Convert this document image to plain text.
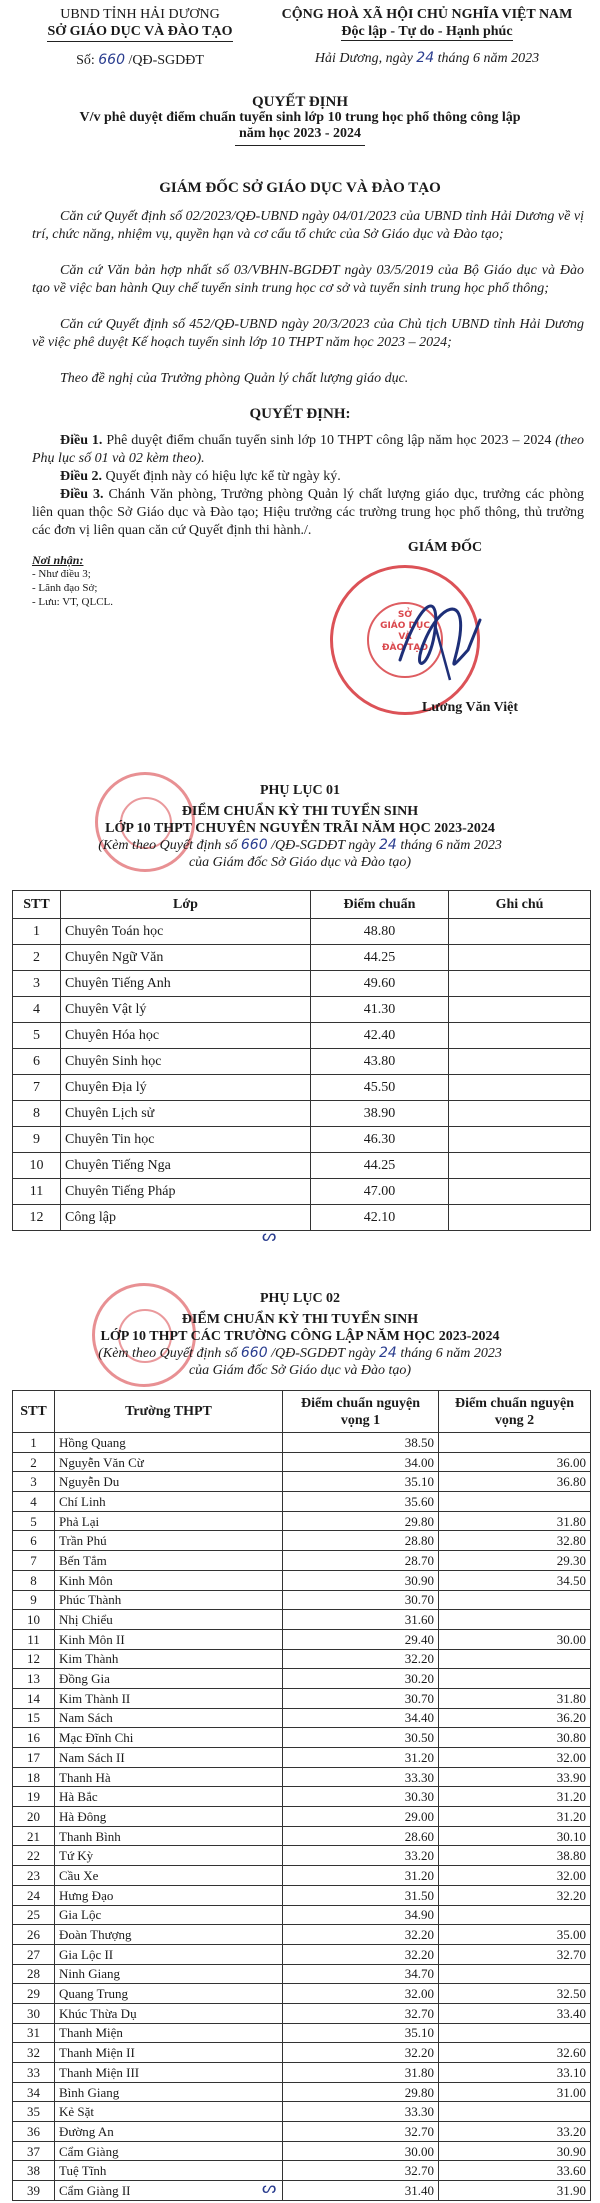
UBND TỈNH HẢI DƯƠNG
SỞ GIÁO DỤC VÀ ĐÀO TẠO
Số: 660 /QĐ-SGDĐT
CỘNG HOÀ XÃ HỘI CHỦ NGHĨA VIỆT NAM
Độc lập - Tự do - Hạnh phúc
Hải Dương, ngày 24 tháng 6 năm 2023
QUYẾT ĐỊNH
V/v phê duyệt điểm chuẩn tuyển sinh lớp 10 trung học phổ thông công lập
năm học 2023 - 2024
GIÁM ĐỐC SỞ GIÁO DỤC VÀ ĐÀO TẠO
Căn cứ Quyết định số 02/2023/QĐ-UBND ngày 04/01/2023 của UBND tỉnh Hải Dương về vị trí, chức năng, nhiệm vụ, quyền hạn và cơ cấu tổ chức của Sở Giáo dục và Đào tạo;
Căn cứ Văn bản hợp nhất số 03/VBHN-BGDĐT ngày 03/5/2019 của Bộ Giáo dục và Đào tạo về việc ban hành Quy chế tuyển sinh trung học cơ sở và tuyển sinh trung học phổ thông;
Căn cứ Quyết định số 452/QĐ-UBND ngày 20/3/2023 của Chủ tịch UBND tỉnh Hải Dương về việc phê duyệt Kế hoạch tuyển sinh lớp 10 THPT năm học 2023 – 2024;
Theo đề nghị của Trưởng phòng Quản lý chất lượng giáo dục.
QUYẾT ĐỊNH:
Điều 1. Phê duyệt điểm chuẩn tuyển sinh lớp 10 THPT công lập năm học 2023 – 2024 (theo Phụ lục số 01 và 02 kèm theo).
Điều 2. Quyết định này có hiệu lực kể từ ngày ký.
Điều 3. Chánh Văn phòng, Trưởng phòng Quản lý chất lượng giáo dục, trưởng các phòng liên quan thộc Sở Giáo dục và Đào tạo; Hiệu trưởng các trường trung học phổ thông, thủ trưởng các đơn vị liên quan căn cứ Quyết định thi hành./.
Nơi nhận:
- Như điều 3;
- Lãnh đạo Sở;
- Lưu: VT, QLCL.
GIÁM ĐỐC
SỞ
GIÁO DỤC
VÀ
ĐÀO TẠO
Lương Văn Việt
PHỤ LỤC 01
ĐIỂM CHUẨN KỲ THI TUYỂN SINH
LỚP 10 THPT CHUYÊN NGUYỄN TRÃI NĂM HỌC 2023-2024
(Kèm theo Quyết định số 660 /QĐ-SGDĐT ngày 24 tháng 6 năm 2023
của Giám đốc Sở Giáo dục và Đào tạo)
STT	Lớp	Điểm chuẩn	Ghi chú
1	Chuyên Toán học	48.80	
2	Chuyên Ngữ Văn	44.25	
3	Chuyên Tiếng Anh	49.60	
4	Chuyên Vật lý	41.30	
5	Chuyên Hóa học	42.40	
6	Chuyên Sinh học	43.80	
7	Chuyên Địa lý	45.50	
8	Chuyên Lịch sử	38.90	
9	Chuyên Tin học	46.30	
10	Chuyên Tiếng Nga	44.25	
11	Chuyên Tiếng Pháp	47.00	
12	Công lập	42.10	
ᔕ
PHỤ LỤC 02
ĐIỂM CHUẨN KỲ THI TUYỂN SINH
LỚP 10 THPT CÁC TRƯỜNG CÔNG LẬP NĂM HỌC 2023-2024
(Kèm theo Quyết định số 660 /QĐ-SGDĐT ngày 24 tháng 6 năm 2023
của Giám đốc Sở Giáo dục và Đào tạo)
STT	Trường THPT	Điểm chuẩn nguyện vọng 1	Điểm chuẩn nguyện vọng 2
1	Hồng Quang	38.50	
2	Nguyễn Văn Cừ	34.00	36.00
3	Nguyễn Du	35.10	36.80
4	Chí Linh	35.60	
5	Phả Lại	29.80	31.80
6	Trần Phú	28.80	32.80
7	Bến Tắm	28.70	29.30
8	Kinh Môn	30.90	34.50
9	Phúc Thành	30.70	
10	Nhị Chiểu	31.60	
11	Kinh Môn II	29.40	30.00
12	Kim Thành	32.20	
13	Đồng Gia	30.20	
14	Kim Thành II	30.70	31.80
15	Nam Sách	34.40	36.20
16	Mạc Đĩnh Chi	30.50	30.80
17	Nam Sách II	31.20	32.00
18	Thanh Hà	33.30	33.90
19	Hà Bắc	30.30	31.20
20	Hà Đông	29.00	31.20
21	Thanh Bình	28.60	30.10
22	Tứ Kỳ	33.20	38.80
23	Cầu Xe	31.20	32.00
24	Hưng Đạo	31.50	32.20
25	Gia Lộc	34.90	
26	Đoàn Thượng	32.20	35.00
27	Gia Lộc II	32.20	32.70
28	Ninh Giang	34.70	
29	Quang Trung	32.00	32.50
30	Khúc Thừa Dụ	32.70	33.40
31	Thanh Miện	35.10	
32	Thanh Miện II	32.20	32.60
33	Thanh Miện III	31.80	33.10
34	Bình Giang	29.80	31.00
35	Kẻ Sặt	33.30	
36	Đường An	32.70	33.20
37	Cẩm Giàng	30.00	30.90
38	Tuệ Tĩnh	32.70	33.60
39	Cẩm Giàng II	31.40	31.90
ᔕ
